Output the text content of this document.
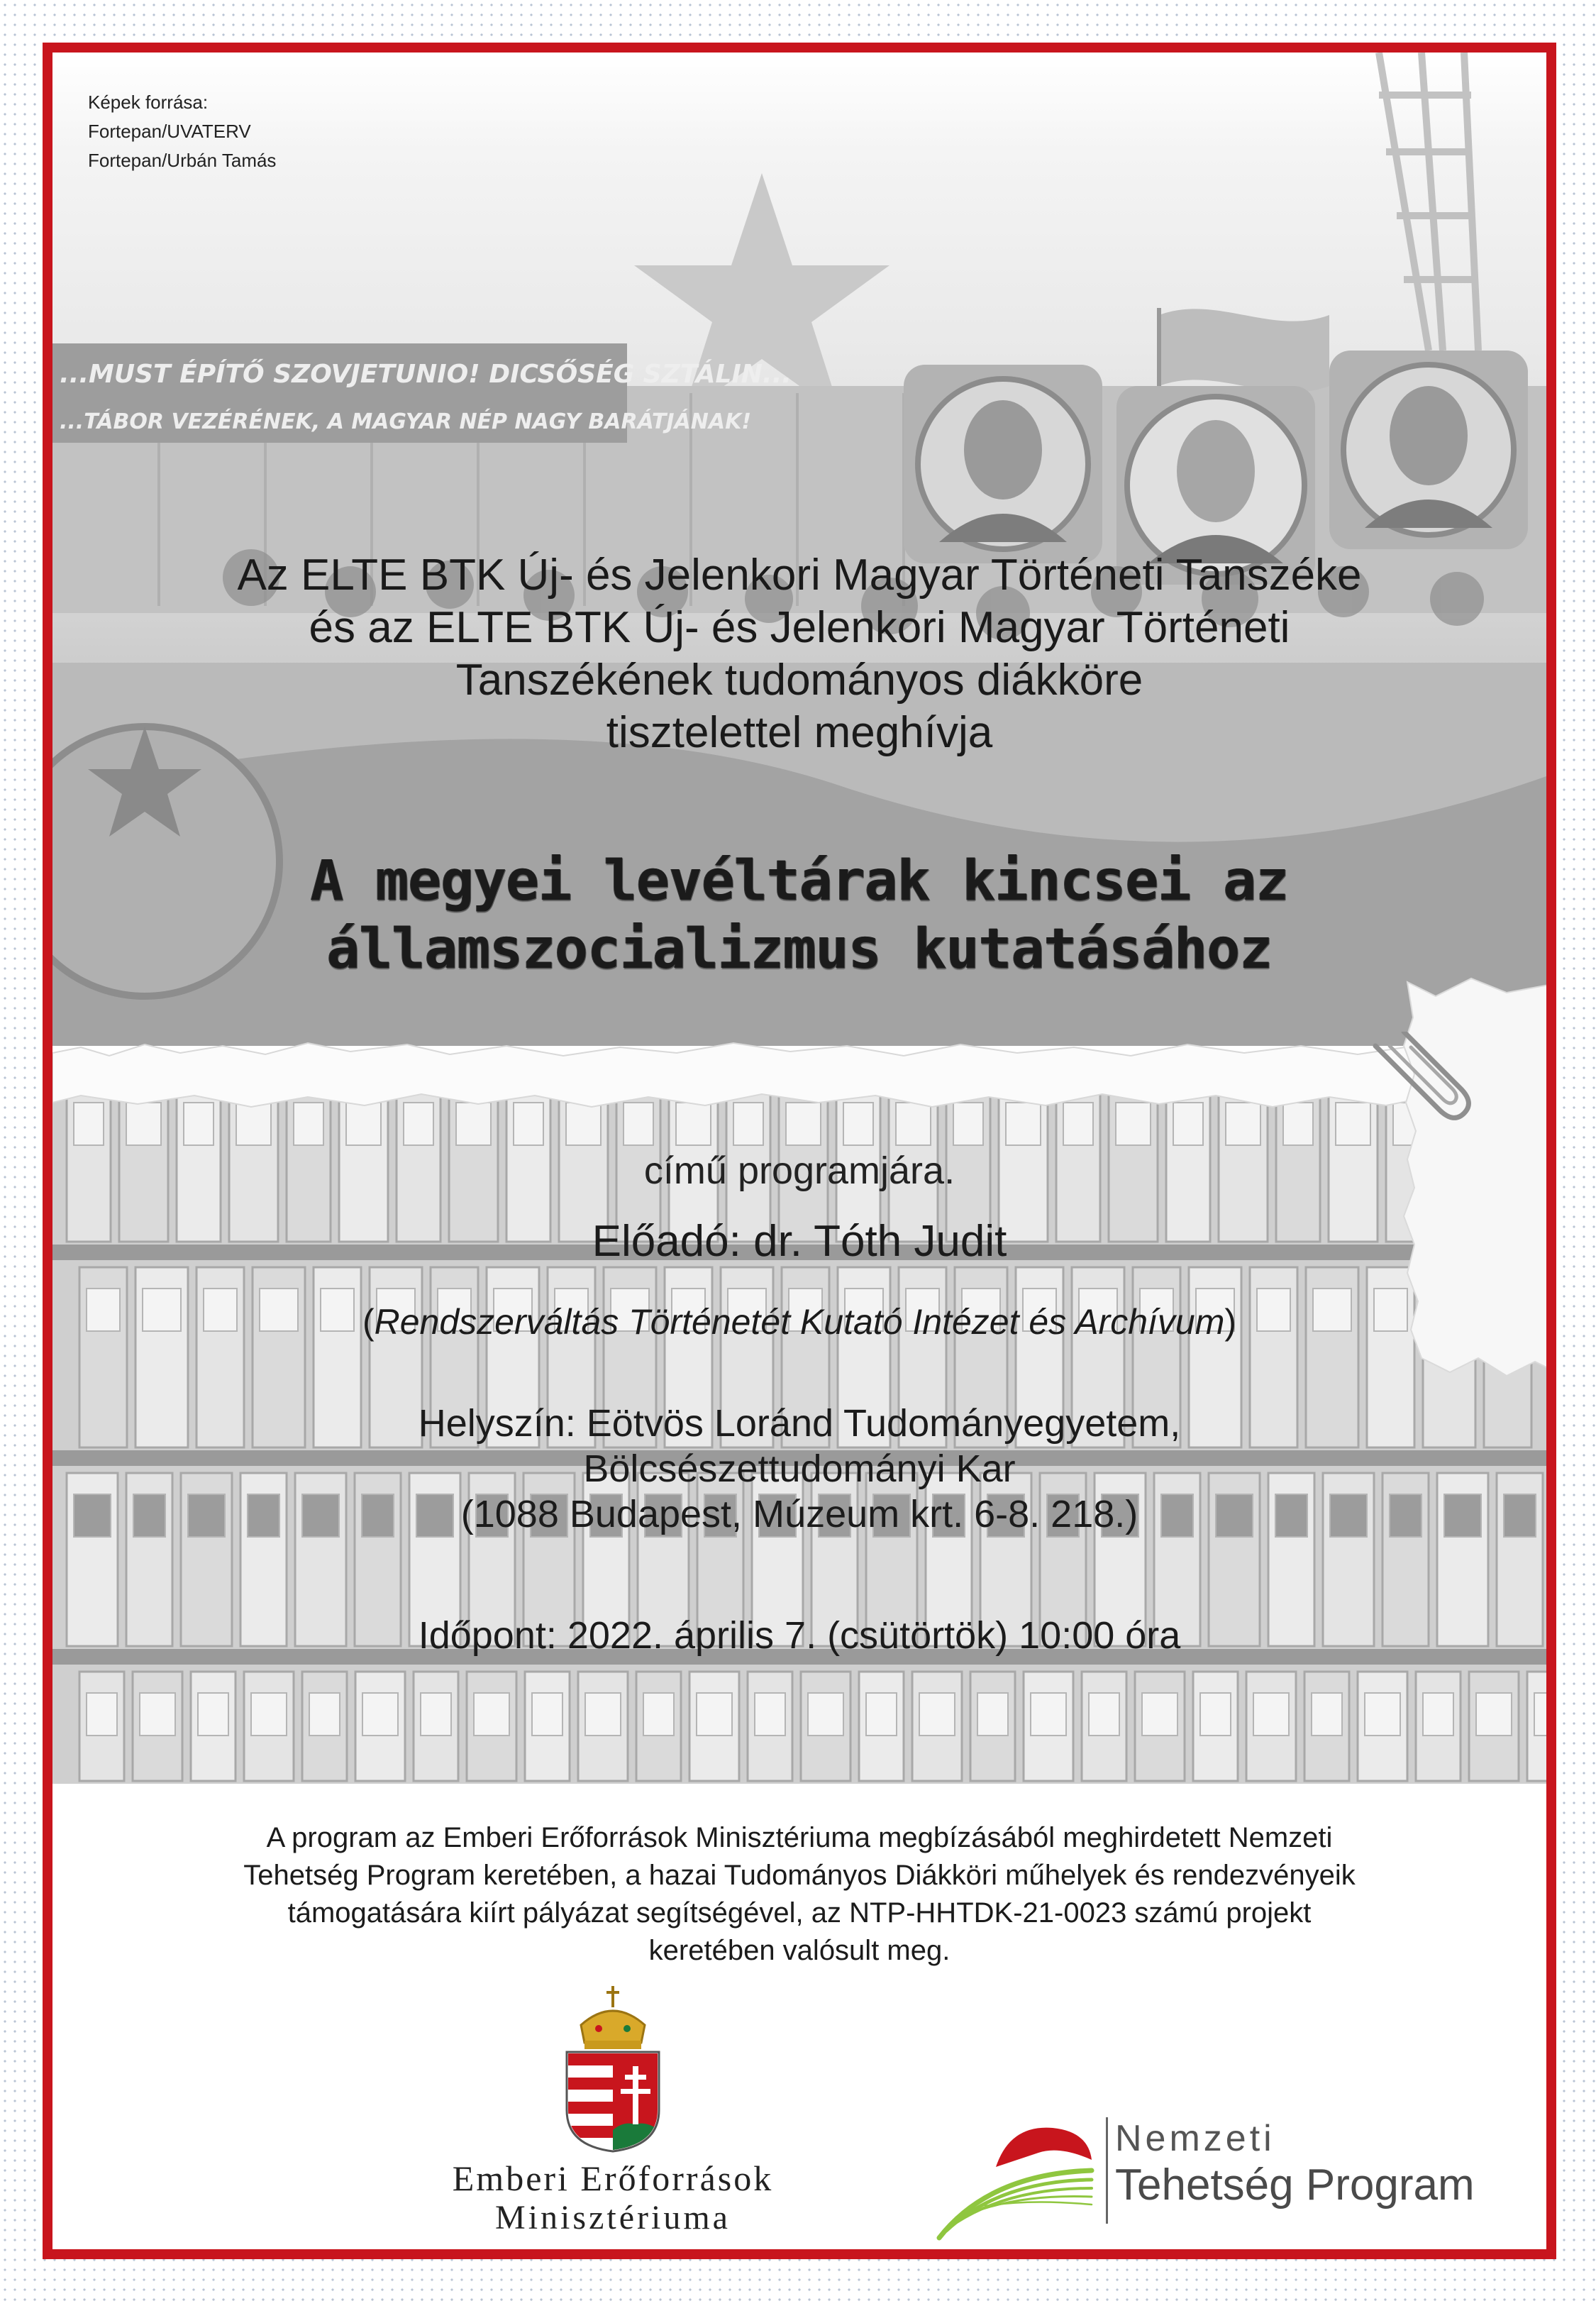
...MUST ÉPÍTŐ SZOVJETUNIO! DICSŐSÉG SZTÁLIN...
...TÁBOR VEZÉRÉNEK, A MAGYAR NÉP NAGY BARÁTJÁNAK!
Képek forrása:
Fortepan/UVATERV
Fortepan/Urbán Tamás
Az ELTE BTK Új- és Jelenkori Magyar Történeti Tanszéke
és az ELTE BTK Új- és Jelenkori Magyar Történeti
Tanszékének tudományos diákköre
tisztelettel meghívja
A megyei levéltárak kincsei az
államszocializmus kutatásához
című programjára.
Előadó: dr. Tóth Judit
(Rendszerváltás Történetét Kutató Intézet és Archívum)
Helyszín: Eötvös Loránd Tudományegyetem,
Bölcsészettudományi Kar
(1088 Budapest, Múzeum krt. 6-8. 218.)
Időpont: 2022. április 7. (csütörtök) 10:00 óra
A program az Emberi Erőforrások Minisztériuma megbízásából meghirdetett Nemzeti
Tehetség Program keretében, a hazai Tudományos Diákköri műhelyek és rendezvényeik
támogatására kiírt pályázat segítségével, az NTP-HHTDK-21-0023 számú projekt
keretében valósult meg.
Emberi Erőforrások
Minisztériuma
Nemzeti
Tehetség Program
